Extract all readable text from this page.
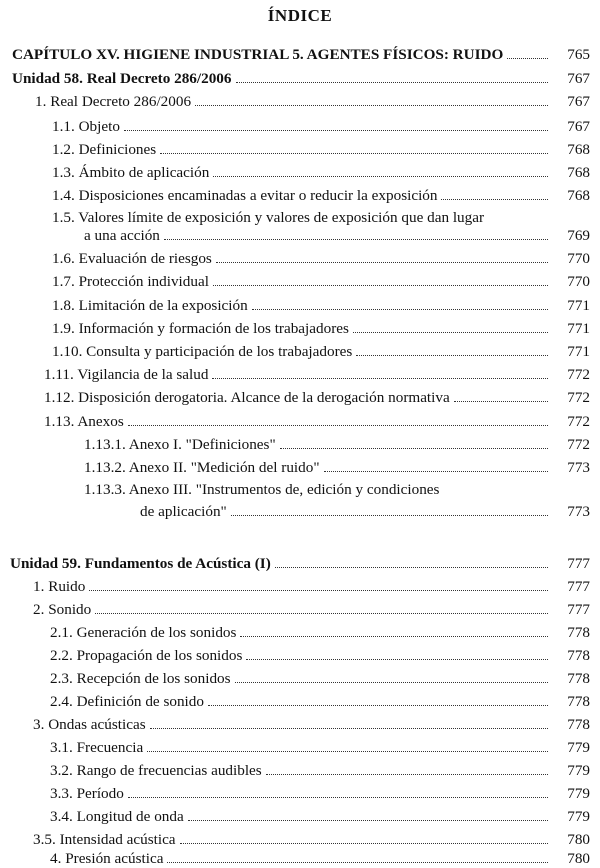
ÍNDICE
CAPÍTULO XV. HIGIENE INDUSTRIAL 5. AGENTES FÍSICOS: RUIDO	765
Unidad 58. Real Decreto 286/2006	767
1. Real Decreto 286/2006	767
1.1. Objeto	767
1.2. Definiciones	768
1.3. Ámbito de aplicación	768
1.4. Disposiciones encaminadas a evitar o reducir la exposición	768
1.5. Valores límite de exposición y valores de exposición que dan lugar
a una acción	769
1.6. Evaluación de riesgos	770
1.7. Protección individual	770
1.8. Limitación de la exposición	771
1.9. Información y formación de los trabajadores	771
1.10. Consulta y participación de los trabajadores	771
1.11. Vigilancia de la salud	772
1.12. Disposición derogatoria. Alcance de la derogación normativa	772
1.13. Anexos	772
1.13.1. Anexo I. "Definiciones"	772
1.13.2. Anexo II. "Medición del ruido"	773
1.13.3. Anexo III. "Instrumentos de, edición y condiciones
de aplicación"	773
Unidad 59. Fundamentos de Acústica (I)	777
1. Ruido	777
2. Sonido	777
2.1. Generación de los sonidos	778
2.2. Propagación de los sonidos	778
2.3. Recepción de los sonidos	778
2.4. Definición de sonido	778
3. Ondas acústicas	778
3.1. Frecuencia	779
3.2. Rango de frecuencias audibles	779
3.3. Período	779
3.4. Longitud de onda	779
3.5. Intensidad acústica	780
4. Presión acústica	780
